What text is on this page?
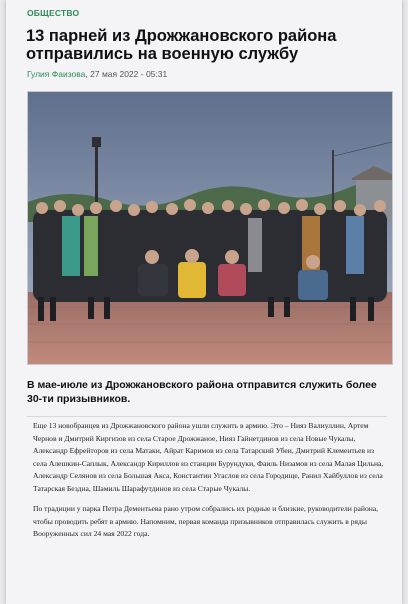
ОБЩЕСТВО
13 парней из Дрожжановского района отправились на военную службу
Гулия Фаизова, 27 мая 2022 - 05:31
В мае-июле из Дрожжановского района отправится служить более 30-ти призывников.

Еще 13 новобранцев из Дрожжановского района ушли служить в армию. Это – Нияз Валиуллин, Артем Чернов и Дмитрий Киргизов из села Старое Дрожжаное, Нияз Гайнетдинов из села Новые Чукалы, Александр Ефрейторов из села Матаки, Айрат Каримов из села Татарский Убеи, Дмитрий Клементьев из села Алешкин-Саплык, Александр Кириллов из станции Бурундуки, Фаиль Низамов из села Малая Цильна, Александр Селянов из села Большая Акса, Константин Угаслов из села Городище, Ранил Хайбуллов из села Татарская Бездна, Шамиль Шарафутдинов из села Старые Чукалы.

По традиции у парка Петра Дементьева рано утром собрались их родные и близкие, руководители района, чтобы проводить ребят в армию. Напомним, первая команда призывников отправилась служить в ряды Вооруженных сил 24 мая 2022 года.
